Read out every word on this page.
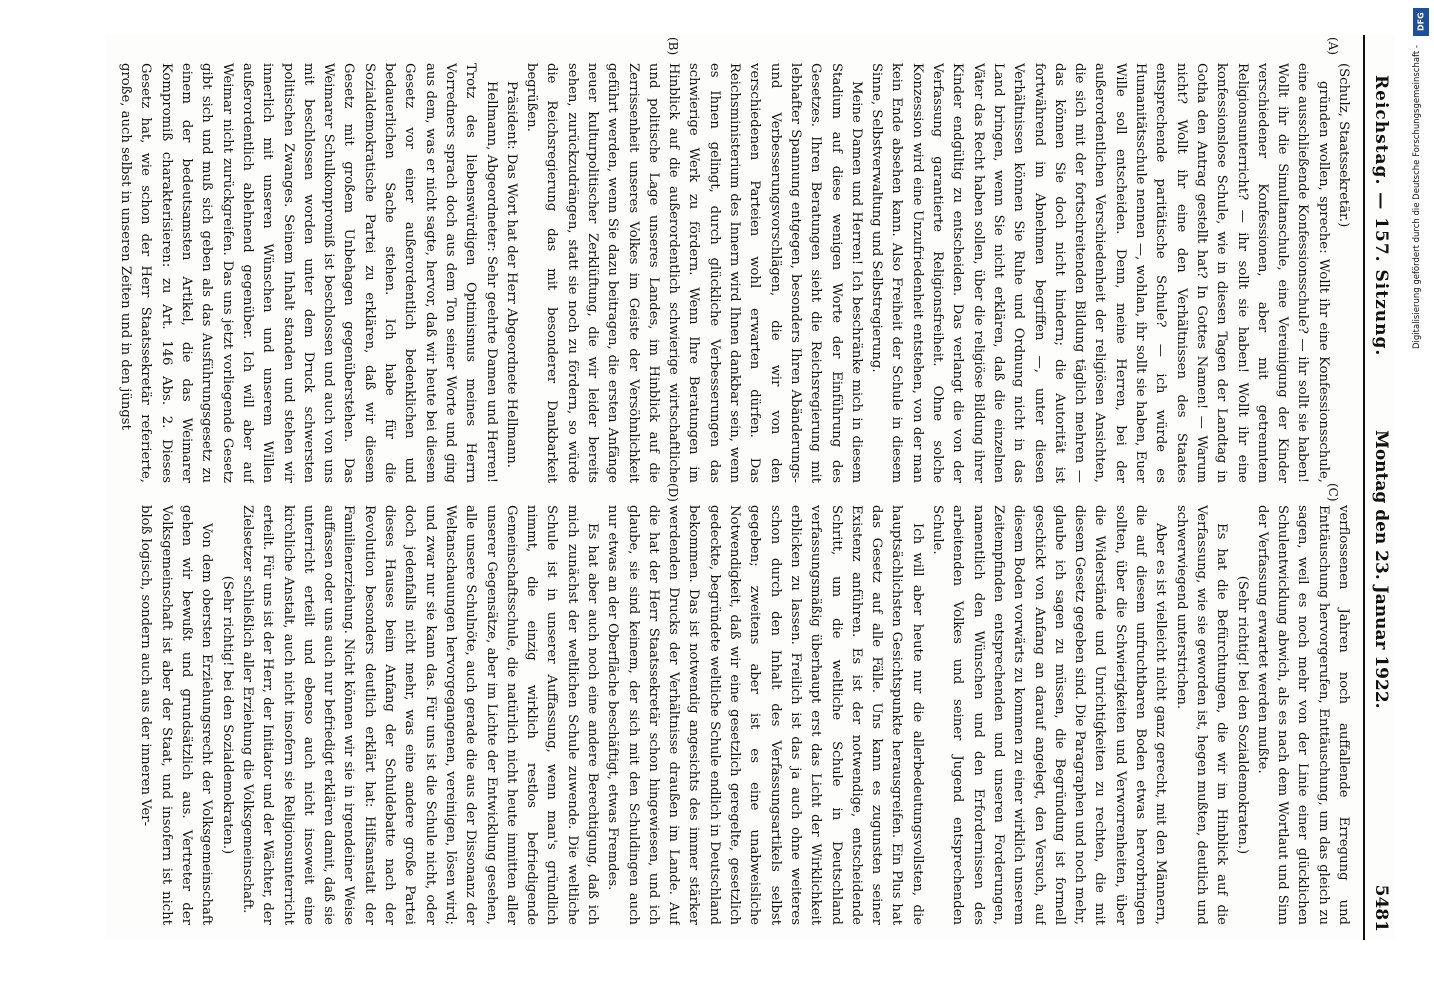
Reichstag. — 157. Sitzung.
Montag den 23. Januar 1922.
5481
(A)
(B)
(C)
(D)

(Schulz, Staatssekretär.)

gründen wollen, spreche: Wollt ihr eine Konfessionsschule, eine ausschließende Konfessionsschule? — ihr sollt sie haben! Wollt ihr die Simultanschule, eine Vereinigung der Kinder verschiedener Konfessionen, aber mit getrenntem Religionsunterricht? — ihr sollt sie haben! Wollt ihr eine konfessionslose Schule, wie in diesen Tagen der Landtag in Gotha den Antrag gestellt hat? In Gottes Namen! — Warum nicht? Wollt ihr eine den Verhältnissen des Staates entsprechende paritätische Schule? — ich würde es Humanitätsschule nennen —, wohlan, ihr sollt sie haben, Euer Wille soll entscheiden. Denn, meine Herren, bei der außerordentlichen Verschiedenheit der religiösen Ansichten, die sich mit der fortschreitenden Bildung täglich mehren — das können Sie doch nicht hindern; die Autorität ist fortwährend im Abnehmen begriffen —, unter diesen Verhältnissen können Sie Ruhe und Ordnung nicht in das Land bringen, wenn Sie nicht erklären, daß die einzelnen Väter das Recht haben sollen, über die religiöse Bildung ihrer Kinder endgültig zu entscheiden. Das verlangt die von der Verfassung garantierte Religionsfreiheit. Ohne solche Konzession wird eine Unzufriedenheit entstehen, von der man kein Ende absehen kann. Also Freiheit der Schule in diesem Sinne, Selbstverwaltung und Selbstregierung.

Meine Damen und Herren! Ich beschränke mich in diesem Stadium auf diese wenigen Worte der Einführung des Gesetzes. Ihren Beratungen sieht die Reichsregierung mit lebhafter Spannung entgegen, besonders Ihren Abänderungs- und Verbesserungsvorschlägen, die wir von den verschiedenen Parteien wohl erwarten dürfen. Das Reichsministerium des Innern wird Ihnen dankbar sein, wenn es Ihnen gelingt, durch glückliche Verbesserungen das schwierige Werk zu fördern. Wenn Ihre Beratungen im Hinblick auf die außerordentlich schwierige wirtschaftliche und politische Lage unseres Landes, im Hinblick auf die Zerrissenheit unseres Volkes im Geiste der Versöhnlichkeit geführt werden, wenn Sie dazu beitragen, die ersten Anfänge neuer kulturpolitischer Zerklüftung, die wir leider bereits sehen, zurückzudrängen, statt sie noch zu fördern, so würde die Reichsregierung das mit besonderer Dankbarkeit begrüßen.

Präsident: Das Wort hat der Herr Abgeordnete Hellmann.

Hellmann, Abgeordneter: Sehr geehrte Damen und Herren! Trotz des liebenswürdigen Optimismus meines Herrn Vorredners sprach doch aus dem Ton seiner Worte und ging aus dem, was er nicht sagte, hervor, daß wir heute bei diesem Gesetz vor einer außerordentlich bedenklichen und bedauerlichen Sache stehen. Ich habe für die Sozialdemokratische Partei zu erklären, daß wir diesem Gesetz mit großem Unbehagen gegenüberstehen. Das Weimarer Schulkompromiß ist beschlossen und auch von uns mit beschlossen worden unter dem Druck schwersten politischen Zwanges. Seinem Inhalt standen und stehen wir innerlich mit unseren Wünschen und unserem Willen außerordentlich ablehnend gegenüber. Ich will aber auf Weimar nicht zurückgreifen. Das uns jetzt vorliegende Gesetz gibt sich und muß sich geben als das Ausführungsgesetz zu einem der bedeutsamsten Artikel, die das Weimarer Kompromiß charakterisieren: zu Art. 146 Abs. 2. Dieses Gesetz hat, wie schon der Herr Staatssekretär referierte, große, auch selbst in unseren Zeiten und in den jüngst

verflossenen Jahren noch auffallende Erregung und Enttäuschung hervorgerufen, Enttäuschung, um das gleich zu sagen, weil es noch mehr von der Linie einer glücklichen Schulentwicklung abwich, als es nach dem Wortlaut und Sinn der Verfassung erwartet werden mußte.

(Sehr richtig! bei den Sozialdemokraten.)

Es hat die Befürchtungen, die wir im Hinblick auf die Verfassung, wie sie geworden ist, hegen mußten, deutlich und schwerwiegend unterstrichen.

Aber es ist vielleicht nicht ganz gerecht, mit den Männern, die auf diesem unfruchtbaren Boden etwas hervorbringen sollten, über die Schwierigkeiten und Verworrenheiten, über die Widerstände und Unrichtigkeiten zu rechten, die mit diesem Gesetz gegeben sind. Die Paragraphen und noch mehr, glaube ich sagen zu müssen, die Begründung ist formell geschickt von Anfang an darauf angelegt, den Versuch, auf diesem Boden vorwärts zu kommen zu einer wirklich unserem Zeitempfinden entsprechenden und unseren Forderungen, namentlich den Wünschen und den Erfordernissen des arbeitenden Volkes und seiner Jugend entsprechenden Schule.

Ich will aber heute nur die allerbedeutungsvollsten, die hauptsächlichsten Gesichtspunkte herausgreifen. Ein Plus hat das Gesetz auf alle Fälle. Uns kann es zugunsten seiner Existenz anführen. Es ist der notwendige, entscheidende Schritt, um die weltliche Schule in Deutschland verfassungsmäßig überhaupt erst das Licht der Wirklichkeit erblicken zu lassen. Freilich ist das ja auch ohne weiteres schon durch den Inhalt des Verfassungsartikels selbst gegeben; zweitens aber ist es eine unabweisliche Notwendigkeit, daß wir eine gesetzlich geregelte, gesetzlich gedeckte, begründete weltliche Schule endlich in Deutschland bekommen. Das ist notwendig angesichts des immer stärker werdenden Drucks der Verhältnisse draußen im Lande. Auf die hat der Herr Staatssekretär schon hingewiesen, und ich glaube, sie sind keinem, der sich mit den Schuldingen auch nur etwas an der Oberfläche beschäftigt, etwas Fremdes.

Es hat aber auch noch eine andere Berechtigung, daß ich mich zunächst der weltlichen Schule zuwende. Die weltliche Schule ist in unserer Auffassung, wenn man's gründlich nimmt, die einzig wirklich restlos befriedigende Gemeinschaftsschule, die natürlich nicht heute inmitten aller unserer Gegensätze, aber im Lichte der Entwicklung gesehen, alle unsere Schulnöte, auch gerade die aus der Dissonanz der Weltanschauungen hervorgegangenen, vereinigen, lösen wird; und zwar nur sie kann das. Für uns ist die Schule nicht, oder doch jedenfalls nicht mehr, was eine andere große Partei dieses Hauses beim Anfang der Schuldebatte nach der Revolution besonders deutlich erklärt hat: Hilfsanstalt der Familienerziehung. Nicht können wir sie in irgendeiner Weise auffassen oder uns auch nur befriedigt erklären damit, daß sie unterricht erteilt und ebenso auch nicht insoweit eine kirchliche Anstalt, auch nicht insofern sie Religionsunterricht erteilt. Für uns ist der Herr, der Initiator und der Wächter, der Zielsetzer schließlich aller Erziehung die Volksgemeinschaft.

(Sehr richtig! bei den Sozialdemokraten.)

Von dem obersten Erziehungsrecht der Volksgemeinschaft gehen wir bewußt und grundsätzlich aus. Vertreter der Volksgemeinschaft ist aber der Staat, und insofern ist nicht bloß logisch, sondern auch aus der inneren Ver-

Digitalisierung gefördert durch die Deutsche Forschungsgemeinschaft -
DFG
